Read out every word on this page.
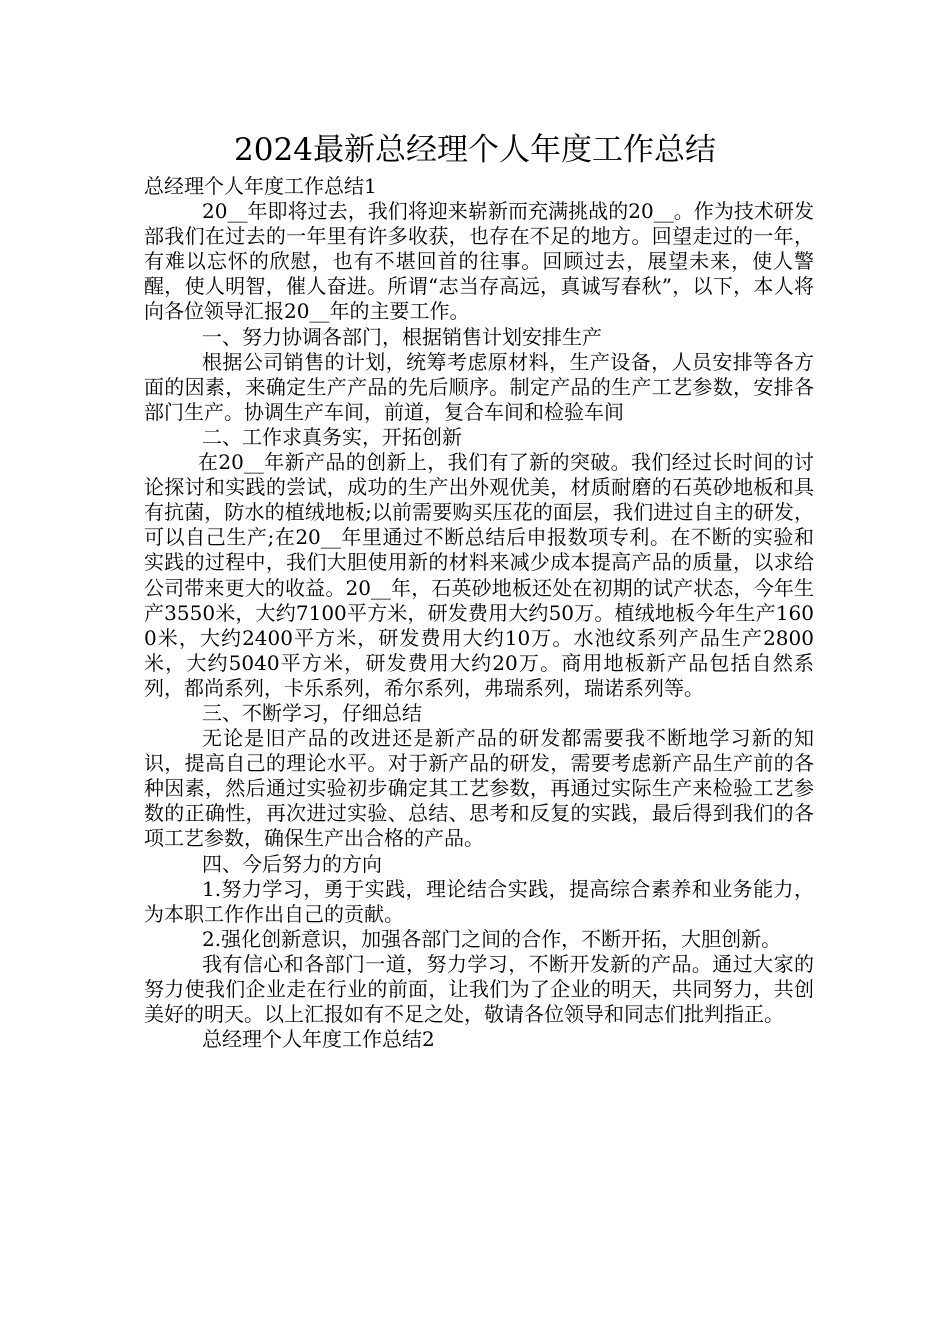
2024最新总经理个人年度工作总结

总经理个人年度工作总结1

20__年即将过去，我们将迎来崭新而充满挑战的20__。作为技术研发部我们在过去的一年里有许多收获，也存在不足的地方。回望走过的一年，有难以忘怀的欣慰，也有不堪回首的往事。回顾过去，展望未来，使人警醒，使人明智，催人奋进。所谓“志当存高远，真诚写春秋”，以下，本人将向各位领导汇报20__年的主要工作。

一、努力协调各部门，根据销售计划安排生产

根据公司销售的计划，统筹考虑原材料，生产设备，人员安排等各方面的因素，来确定生产产品的先后顺序。制定产品的生产工艺参数，安排各部门生产。协调生产车间，前道，复合车间和检验车间

二、工作求真务实，开拓创新

在20__年新产品的创新上，我们有了新的突破。我们经过长时间的讨论探讨和实践的尝试，成功的生产出外观优美，材质耐磨的石英砂地板和具有抗菌，防水的植绒地板;以前需要购买压花的面层，我们进过自主的研发，可以自己生产;在20__年里通过不断总结后申报数项专利。在不断的实验和实践的过程中，我们大胆使用新的材料来减少成本提高产品的质量，以求给公司带来更大的收益。20__年，石英砂地板还处在初期的试产状态，今年生产3550米，大约7100平方米，研发费用大约50万。植绒地板今年生产1600米，大约2400平方米，研发费用大约10万。水池纹系列产品生产2800米，大约5040平方米，研发费用大约20万。商用地板新产品包括自然系列，都尚系列，卡乐系列，希尔系列，弗瑞系列，瑞诺系列等。

三、不断学习，仔细总结

无论是旧产品的改进还是新产品的研发都需要我不断地学习新的知识，提高自己的理论水平。对于新产品的研发，需要考虑新产品生产前的各种因素，然后通过实验初步确定其工艺参数，再通过实际生产来检验工艺参数的正确性，再次进过实验、总结、思考和反复的实践，最后得到我们的各项工艺参数，确保生产出合格的产品。

四、今后努力的方向

1.努力学习，勇于实践，理论结合实践，提高综合素养和业务能力，为本职工作作出自己的贡献。

2.强化创新意识，加强各部门之间的合作，不断开拓，大胆创新。

我有信心和各部门一道，努力学习，不断开发新的产品。通过大家的努力使我们企业走在行业的前面，让我们为了企业的明天，共同努力，共创美好的明天。以上汇报如有不足之处，敬请各位领导和同志们批判指正。

总经理个人年度工作总结2
